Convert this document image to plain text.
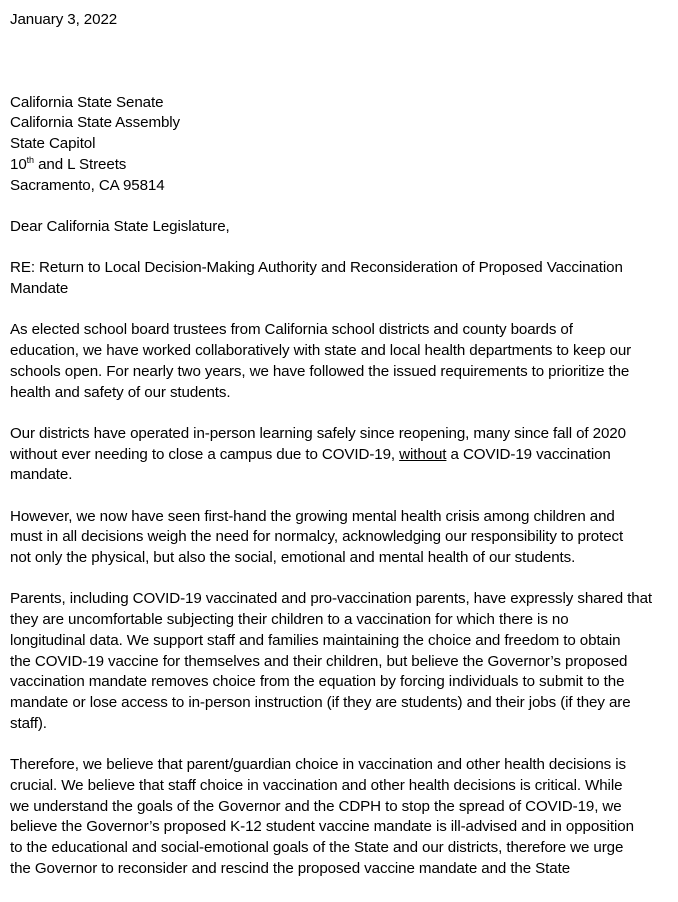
January 3, 2022
California State Senate
California State Assembly
State Capitol
10th and L Streets
Sacramento, CA 95814
Dear California State Legislature,
RE: Return to Local Decision-Making Authority and Reconsideration of Proposed Vaccination
Mandate
As elected school board trustees from California school districts and county boards of
education, we have worked collaboratively with state and local health departments to keep our
schools open. For nearly two years, we have followed the issued requirements to prioritize the
health and safety of our students.
Our districts have operated in-person learning safely since reopening, many since fall of 2020
without ever needing to close a campus due to COVID-19, without a COVID-19 vaccination
mandate.
However, we now have seen first-hand the growing mental health crisis among children and
must in all decisions weigh the need for normalcy, acknowledging our responsibility to protect
not only the physical, but also the social, emotional and mental health of our students.
Parents, including COVID-19 vaccinated and pro-vaccination parents, have expressly shared that
they are uncomfortable subjecting their children to a vaccination for which there is no
longitudinal data. We support staff and families maintaining the choice and freedom to obtain
the COVID-19 vaccine for themselves and their children, but believe the Governor’s proposed
vaccination mandate removes choice from the equation by forcing individuals to submit to the
mandate or lose access to in-person instruction (if they are students) and their jobs (if they are
staff).
Therefore, we believe that parent/guardian choice in vaccination and other health decisions is
crucial. We believe that staff choice in vaccination and other health decisions is critical. While
we understand the goals of the Governor and the CDPH to stop the spread of COVID-19, we
believe the Governor’s proposed K-12 student vaccine mandate is ill-advised and in opposition
to the educational and social-emotional goals of the State and our districts, therefore we urge
the Governor to reconsider and rescind the proposed vaccine mandate and the State
